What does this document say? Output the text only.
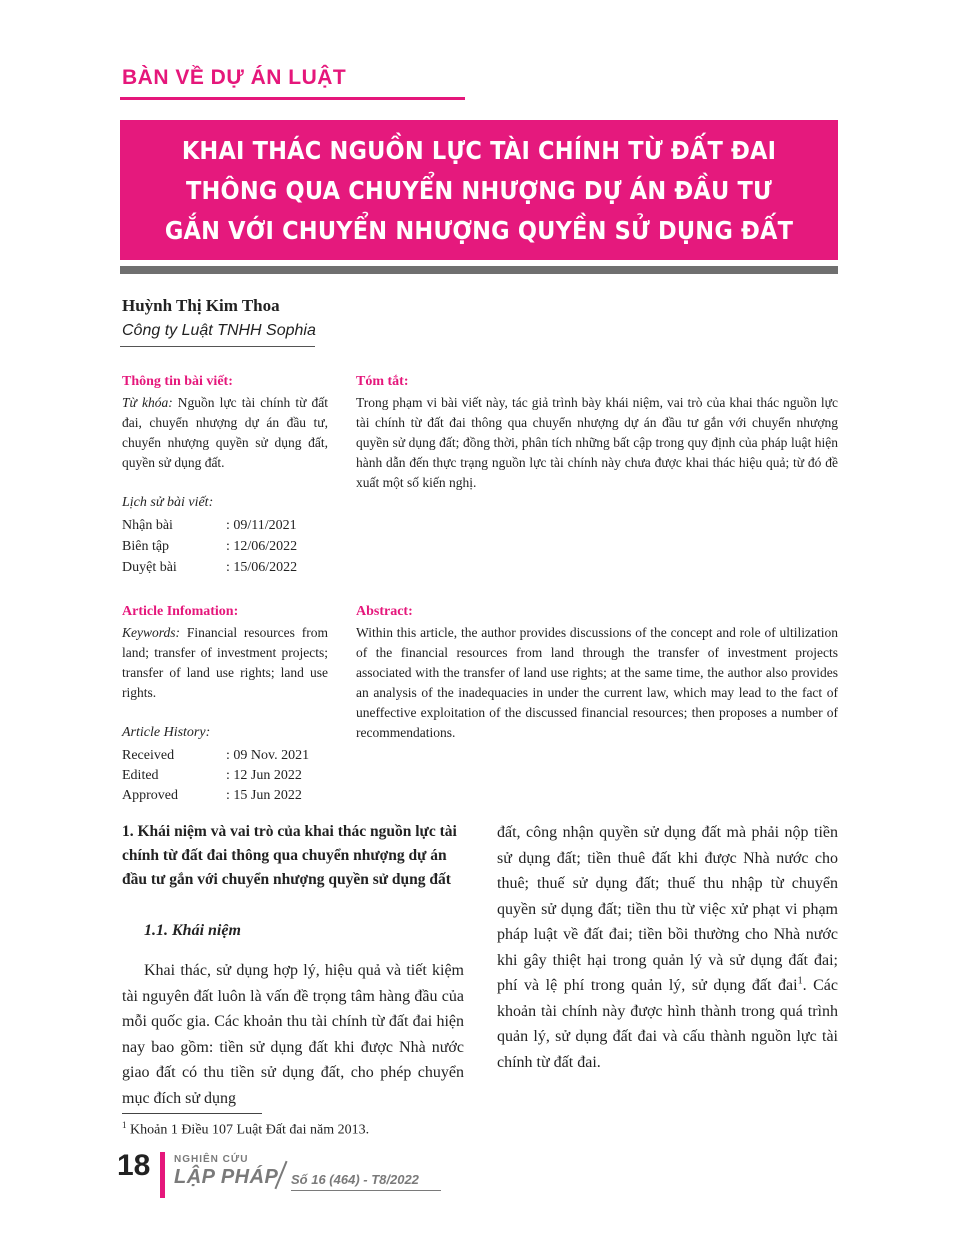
BÀN VỀ DỰ ÁN LUẬT
KHAI THÁC NGUỒN LỰC TÀI CHÍNH TỪ ĐẤT ĐAI
THÔNG QUA CHUYỂN NHƯỢNG DỰ ÁN ĐẦU TƯ
GẮN VỚI CHUYỂN NHƯỢNG QUYỀN SỬ DỤNG ĐẤT
Huỳnh Thị Kim Thoa
Công ty Luật TNHH Sophia
Thông tin bài viết:
Từ khóa: Nguồn lực tài chính từ đất đai, chuyển nhượng dự án đầu tư, chuyển nhượng quyền sử dụng đất, quyền sử dụng đất.
Lịch sử bài viết:
Nhận bài	: 09/11/2021
Biên tập	: 12/06/2022
Duyệt bài	: 15/06/2022
Tóm tắt:
Trong phạm vi bài viết này, tác giả trình bày khái niệm, vai trò của khai thác nguồn lực tài chính từ đất đai thông qua chuyển nhượng dự án đầu tư gắn với chuyển nhượng quyền sử dụng đất; đồng thời, phân tích những bất cập trong quy định của pháp luật hiện hành dẫn đến thực trạng nguồn lực tài chính này chưa được khai thác hiệu quả; từ đó đề xuất một số kiến nghị.
Article Infomation:
Keywords: Financial resources from land; transfer of investment projects; transfer of land use rights; land use rights.
Article History:
Received	: 09 Nov. 2021
Edited	: 12 Jun 2022
Approved	: 15 Jun 2022
Abstract:
Within this article, the author provides discussions of the concept and role of ultilization of the financial resources from land through the transfer of investment projects associated with the transfer of land use rights; at the same time, the author also provides an analysis of the inadequacies in under the current law, which may lead to the fact of uneffective exploitation of the discussed financial resources; then proposes a number of recommendations.
1. Khái niệm và vai trò của khai thác nguồn lực tài chính từ đất đai thông qua chuyển nhượng dự án đầu tư gắn với chuyển nhượng quyền sử dụng đất
1.1. Khái niệm
Khai thác, sử dụng hợp lý, hiệu quả và tiết kiệm tài nguyên đất luôn là vấn đề trọng tâm hàng đầu của mỗi quốc gia. Các khoản thu tài chính từ đất đai hiện nay bao gồm: tiền sử dụng đất khi được Nhà nước giao đất có thu tiền sử dụng đất, cho phép chuyển mục đích sử dụng
đất, công nhận quyền sử dụng đất mà phải nộp tiền sử dụng đất; tiền thuê đất khi được Nhà nước cho thuê; thuế sử dụng đất; thuế thu nhập từ chuyển quyền sử dụng đất; tiền thu từ việc xử phạt vi phạm pháp luật về đất đai; tiền bồi thường cho Nhà nước khi gây thiệt hại trong quản lý và sử dụng đất đai; phí và lệ phí trong quản lý, sử dụng đất đai$^1$. Các khoản tài chính này được hình thành trong quá trình quản lý, sử dụng đất đai và cấu thành nguồn lực tài chính từ đất đai.
$^1$ Khoản 1 Điều 107 Luật Đất đai năm 2013.
18 NGHIÊN CỨU
LẬP PHÁP Số 16 (464) - T8/2022
